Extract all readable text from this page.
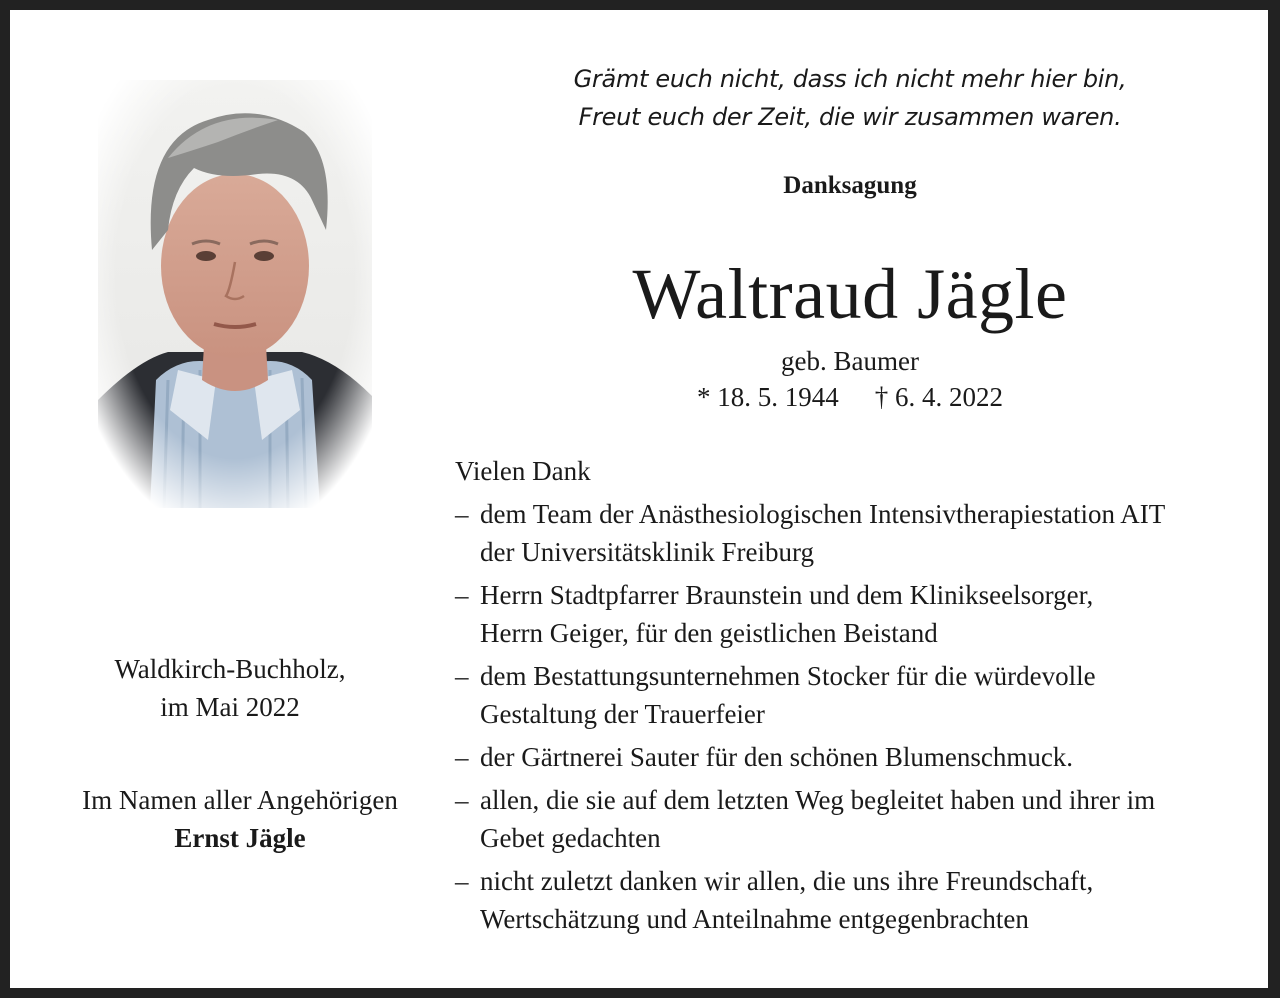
Waldkirch-Buchholz,
im Mai 2022
Im Namen aller Angehörigen
Ernst Jägle
Grämt euch nicht, dass ich nicht mehr hier bin,
Freut euch der Zeit, die wir zusammen waren.
Danksagung
Waltraud Jägle
geb. Baumer
* 18. 5. 1944 † 6. 4. 2022
Vielen Dank
– dem Team der Anästhesiologischen Intensivtherapiestation AIT
der Universitätsklinik Freiburg
– Herrn Stadtpfarrer Braunstein und dem Klinikseelsorger,
Herrn Geiger, für den geistlichen Beistand
– dem Bestattungsunternehmen Stocker für die würdevolle
Gestaltung der Trauerfeier
– der Gärtnerei Sauter für den schönen Blumenschmuck.
– allen, die sie auf dem letzten Weg begleitet haben und ihrer im
Gebet gedachten
– nicht zuletzt danken wir allen, die uns ihre Freundschaft,
Wertschätzung und Anteilnahme entgegenbrachten
